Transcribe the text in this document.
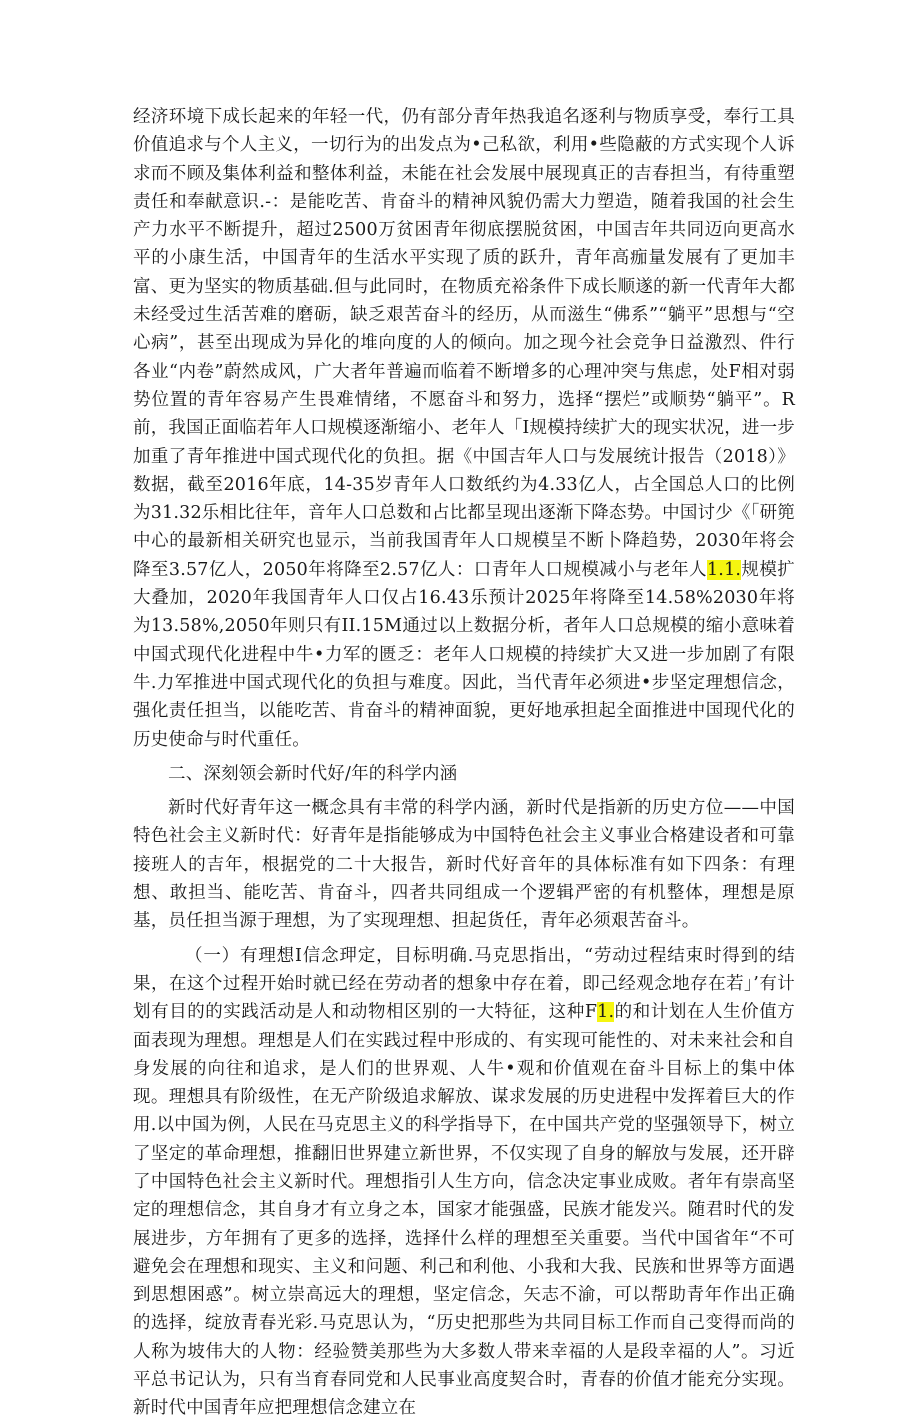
经济环境下成长起来的年轻一代，仍有部分青年热我追名逐利与物质享受，奉行工具价值追求与个人主义，一切行为的出发点为•己私欲，利用•些隐蔽的方式实现个人诉求而不顾及集体利益和整体利益，未能在社会发展中展现真正的吉春担当，有待重塑责任和奉献意识.-：是能吃苦、肯奋斗的精神风貌仍需大力塑造，随着我国的社会生产力水平不断提升，超过2500万贫困青年彻底摆脱贫困，中国吉年共同迈向更高水平的小康生活，中国青年的生活水平实现了质的跃升，青年高痂量发展有了更加丰富、更为坚实的物质基础.但与此同时，在物质充裕条件下成长顺遂的新一代青年大都未经受过生活苦难的磨砺，缺乏艰苦奋斗的经历，从而滋生“佛系”“躺平”思想与“空心病”，甚至出现成为异化的堆向度的人的倾向。加之现今社会竞争日益激烈、件行各业“内卷”蔚然成风，广大者年普遍而临着不断增多的心理冲突与焦虑，处F相对弱势位置的青年容易产生畏难情绪，不愿奋斗和努力，选择“摆烂”或顺势“躺平”。R前，我国正面临若年人口规模逐渐缩小、老年人「I规模持续扩大的现实状况，进一步加重了青年推进中国式现代化的负担。据《中国吉年人口与发展统计报告（2018）》数据，截至2016年底，14-35岁青年人口数纸约为4.33亿人，占全国总人口的比例为31.32乐相比往年，音年人口总数和占比都呈现出逐渐下降态势。中国讨少《「研篼中心的最新相关研究也显示，当前我国青年人口规模呈不断卜降趋势，2030年将会降至3.57亿人，2050年将降至2.57亿人：口青年人口规模减小与老年人1.1.规模扩大叠加，2020年我国青年人口仅占16.43乐预计2025年将降至14.58%2030年将为13.58%,2050年则只有II.15M通过以上数据分析，者年人口总规模的缩小意味着中国式现代化进程中牛•力军的匮乏：老年人口规模的持续扩大又进一步加剧了有限牛.力军推进中国式现代化的负担与难度。因此，当代青年必须进•步坚定理想信念，强化责任担当，以能吃苦、肯奋斗的精神面貌，更好地承担起全面推进中国现代化的历史使命与时代重任。

二、深刻领会新时代好/年的科学内涵

新时代好青年这一概念具有丰常的科学内涵，新时代是指新的历史方位——中国特色社会主义新时代：好青年是指能够成为中国特色社会主义事业合格建设者和可靠接班人的吉年，根据党的二十大报告，新时代好音年的具体标准有如下四条：有理想、敢担当、能吃苦、肯奋斗，四者共同组成一个逻辑严密的有机整体，理想是原基，员任担当源于理想，为了实现理想、担起货任，青年必须艰苦奋斗。

（一）有理想I信念玾定，目标明确.马克思指出，“劳动过程结束时得到的结果，在这个过程开始时就已经在劳动者的想象中存在着，即己经观念地存在若」’有计划有目的的实践活动是人和动物相区别的一大特征，这种F1.的和计划在人生价值方面表现为理想。理想是人们在实践过程中形成的、有实现可能性的、对未来社会和自身发展的向往和追求，是人们的世界观、人牛•观和价值观在奋斗目标上的集中体现。理想具有阶级性，在无产阶级追求解放、谋求发展的历史进程中发挥着巨大的作用.以中国为例，人民在马克思主义的科学指导下，在中国共产党的坚强领导下，树立了坚定的革命理想，推翻旧世界建立新世界，不仅实现了自身的解放与发展，还开辟了中国特色社会主义新时代。理想指引人生方向，信念决定事业成败。者年有崇高坚定的理想信念，其自身才有立身之本，国家才能强盛，民族才能发兴。随君时代的发展进步，方年拥有了更多的选择，选择什么样的理想至关重要。当代中国省年“不可避免会在理想和现实、主义和问题、利己和利他、小我和大我、民族和世界等方面遇到思想困惑”。树立崇高远大的理想，坚定信念，矢志不渝，可以帮助青年作出正确的选择，绽放青春光彩.马克思认为，“历史把那些为共同目标工作而自己变得而尚的人称为坡伟大的人物：经验赞美那些为大多数人带来幸福的人是段幸福的人”。习近平总书记认为，只有当育春同党和人民事业高度契合时，青春的价值才能充分实现。新时代中国青年应把理想信念建立在
